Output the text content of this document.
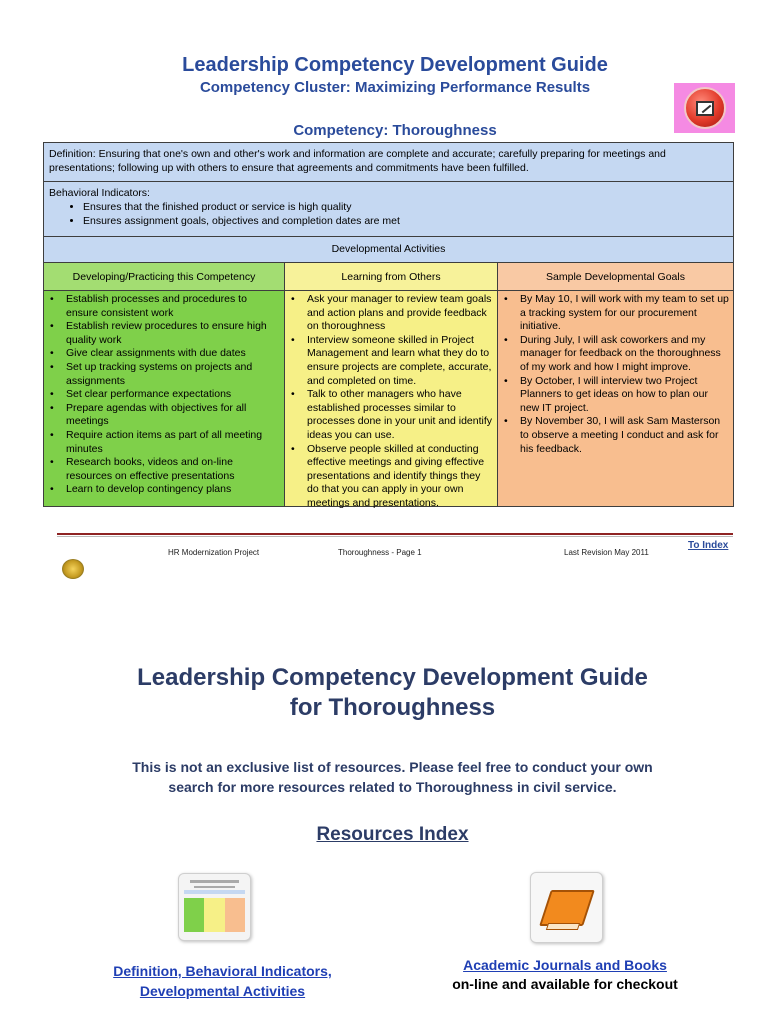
Leadership Competency Development Guide
Competency Cluster: Maximizing Performance Results
Competency: Thoroughness
Definition: Ensuring that one's own and other's work and information are complete and accurate; carefully preparing for meetings and presentations; following up with others to ensure that agreements and commitments have been fulfilled.
Behavioral Indicators:
• Ensures that the finished product or service is high quality
• Ensures assignment goals, objectives and completion dates are met
Developmental Activities
Developing/Practicing this Competency
• Establish processes and procedures to ensure consistent work
• Establish review procedures to ensure high quality work
• Give clear assignments with due dates
• Set up tracking systems on projects and assignments
• Set clear performance expectations
• Prepare agendas with objectives for all meetings
• Require action items as part of all meeting minutes
• Research books, videos and on-line resources on effective presentations
• Learn to develop contingency plans
Learning from Others
• Ask your manager to review team goals and action plans and provide feedback on thoroughness
• Interview someone skilled in Project Management and learn what they do to ensure projects are complete, accurate, and completed on time.
• Talk to other managers who have established processes similar to processes done in your unit and identify ideas you can use.
• Observe people skilled at conducting effective meetings and giving effective presentations and identify things they do that you can apply in your own meetings and presentations.
Sample Developmental Goals
• By May 10, I will work with my team to set up a tracking system for our procurement initiative.
• During July, I will ask coworkers and my manager for feedback on the thoroughness of my work and how I might improve.
• By October, I will interview two Project Planners to get ideas on how to plan our new IT project.
• By November 30, I will ask Sam Masterson to observe a meeting I conduct and ask for his feedback.
To Index
HR Modernization Project	Thoroughness - Page 1	Last Revision May 2011
Leadership Competency Development Guide
for Thoroughness
This is not an exclusive list of resources. Please feel free to conduct your own
search for more resources related to Thoroughness in civil service.
Resources Index
Definition, Behavioral Indicators,
Developmental Activities
Academic Journals and Books
on-line and available for checkout
